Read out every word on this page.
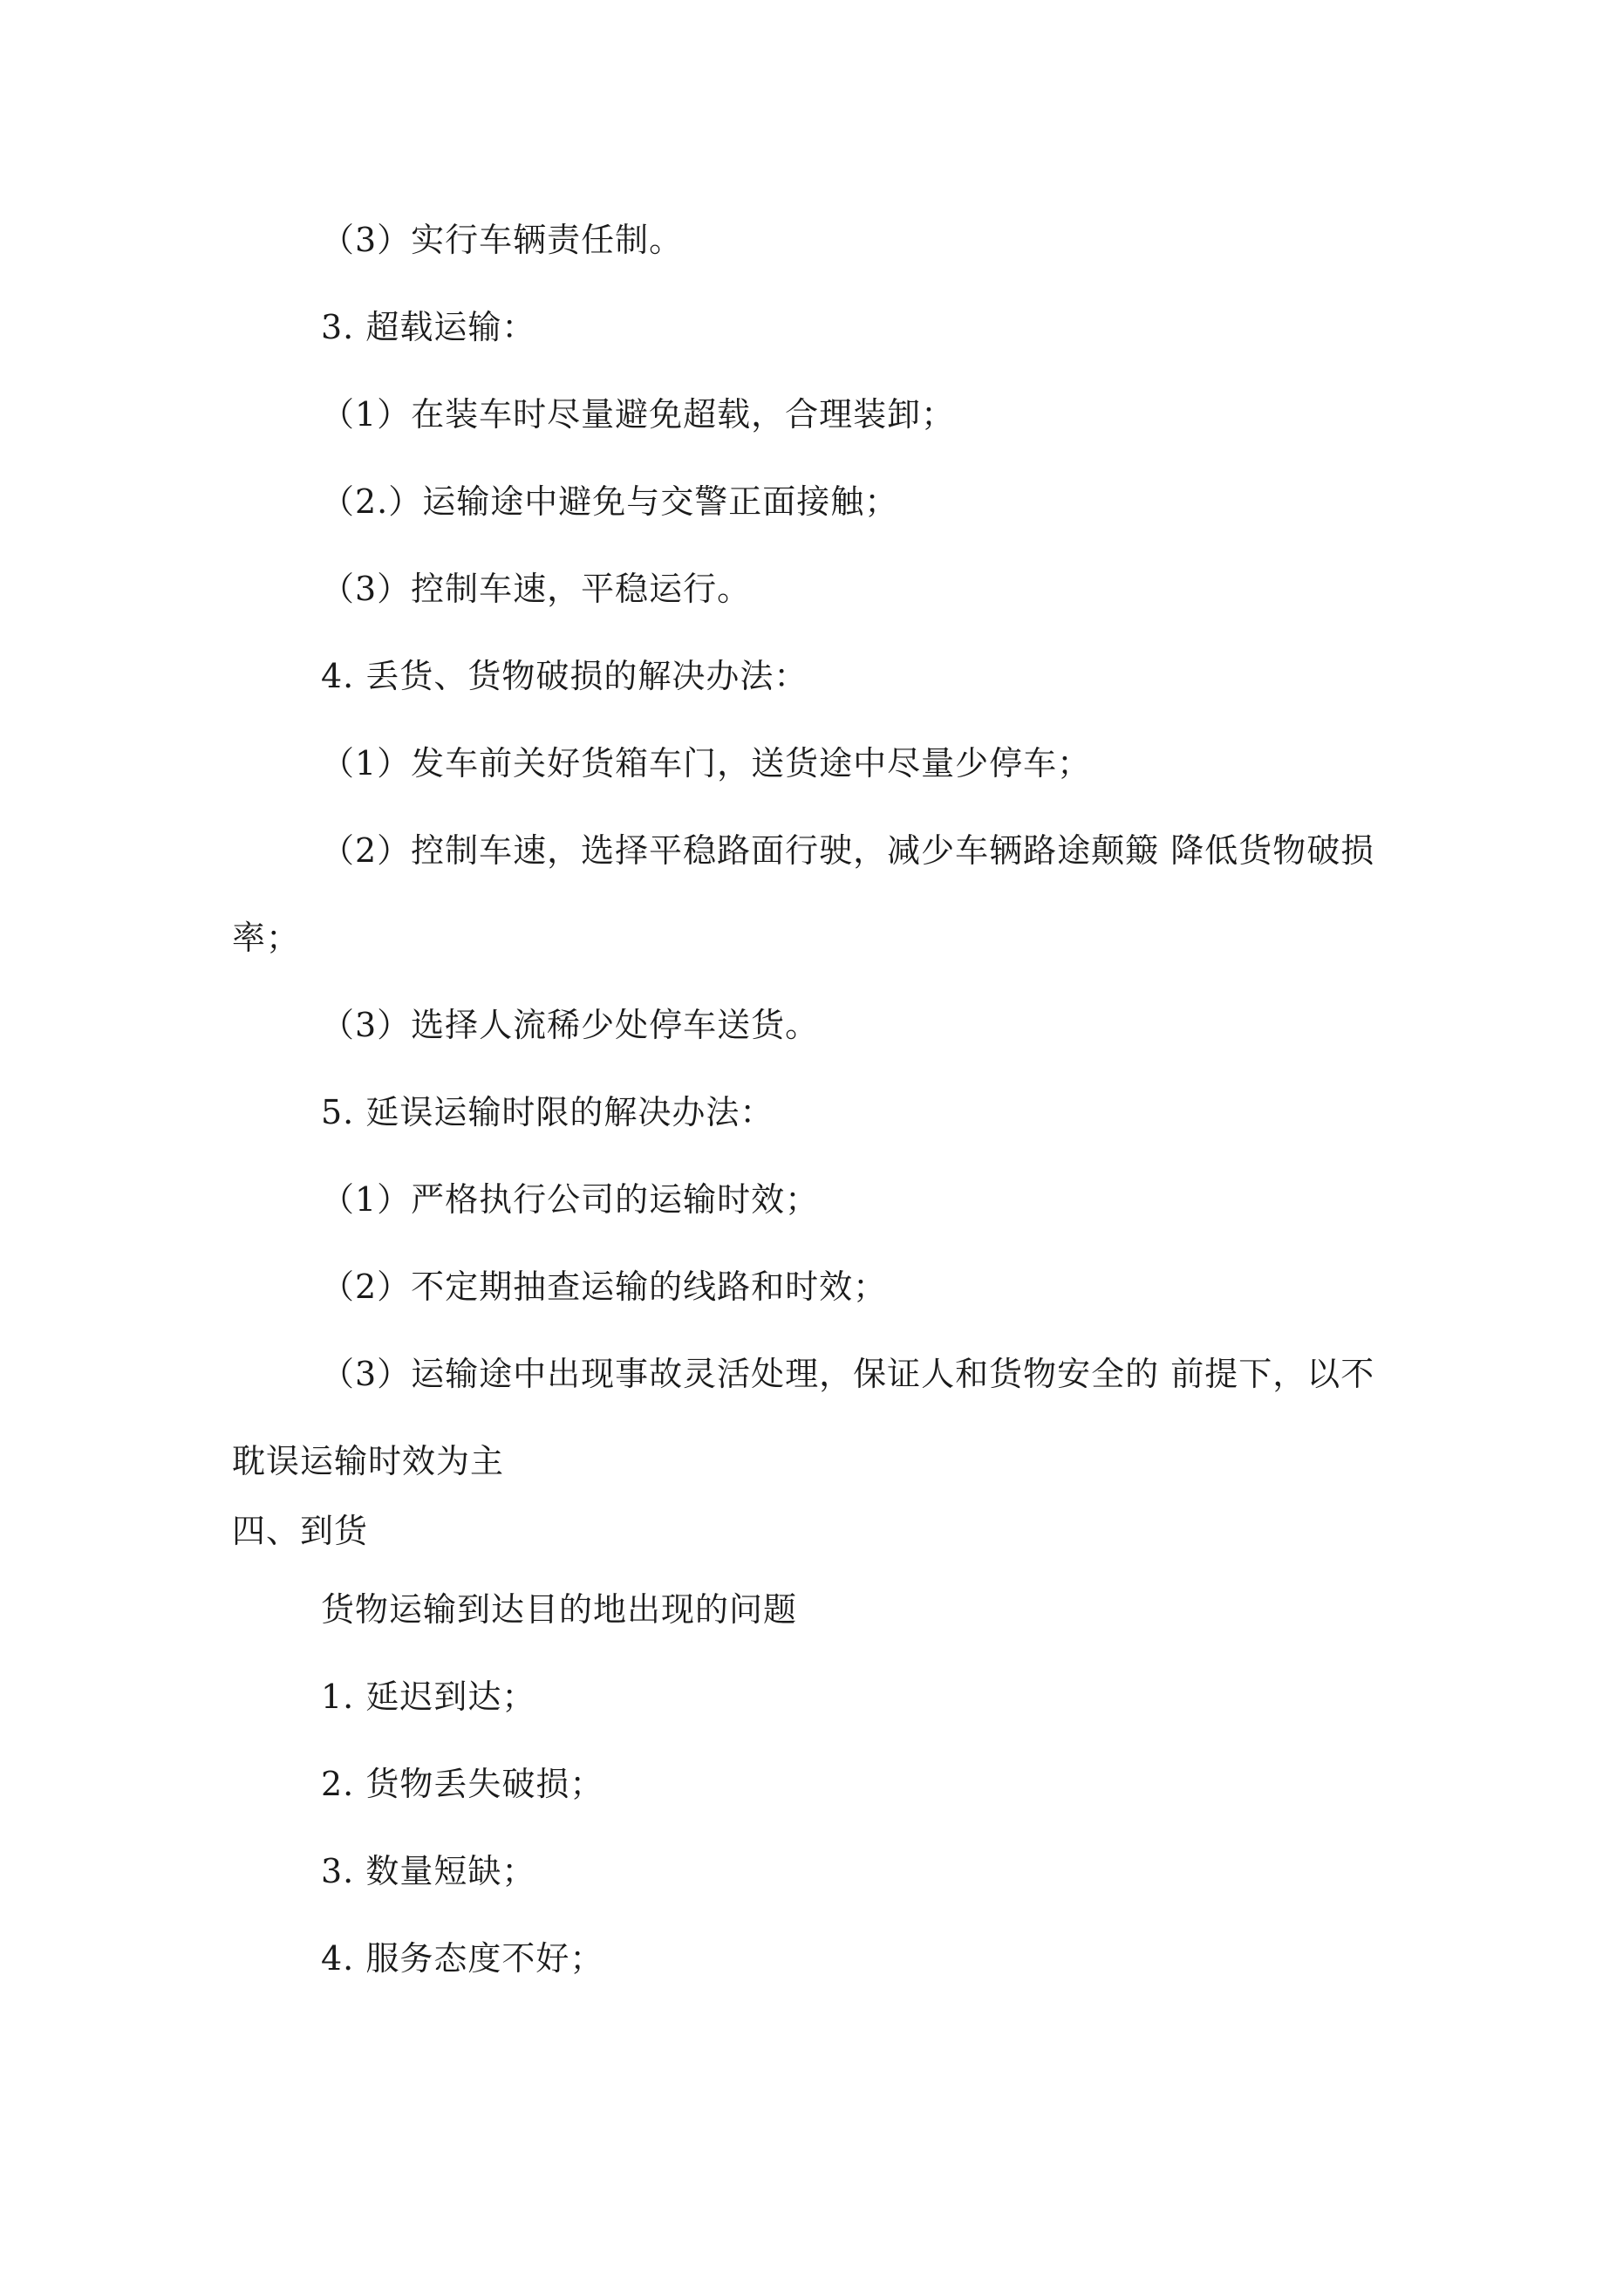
（3）实行车辆责任制。
3. 超载运输：
（1）在装车时尽量避免超载，合理装卸；
（2.）运输途中避免与交警正面接触；
（3）控制车速，平稳运行。
4. 丢货、货物破损的解决办法：
（1）发车前关好货箱车门，送货途中尽量少停车；
（2）控制车速，选择平稳路面行驶，减少车辆路途颠簸 降低货物破损
率；
（3）选择人流稀少处停车送货。
5. 延误运输时限的解决办法：
（1）严格执行公司的运输时效；
（2）不定期抽查运输的线路和时效；
（3）运输途中出现事故灵活处理，保证人和货物安全的 前提下，以不
耽误运输时效为主
四、到货
货物运输到达目的地出现的问题
1. 延迟到达；
2. 货物丢失破损；
3. 数量短缺；
4. 服务态度不好；
